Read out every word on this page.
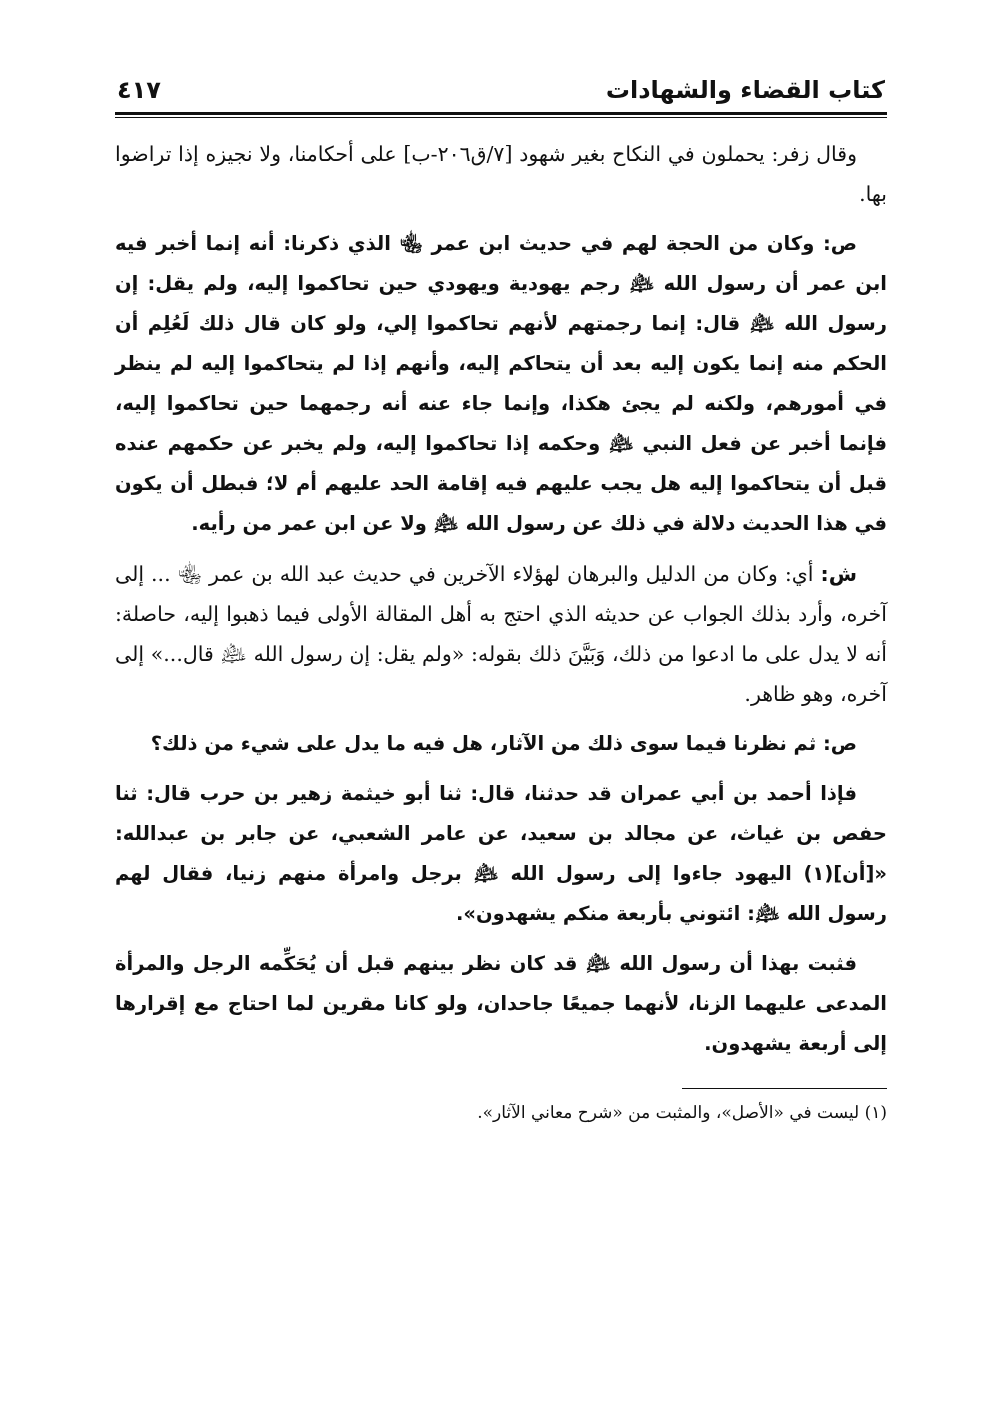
كتاب القضاء والشهادات
٤١٧

وقال زفر: يحملون في النكاح بغير شهود [٧/ق٢٠٦-ب] على أحكامنا، ولا نجيزه إذا تراضوا بها.

ص: وكان من الحجة لهم في حديث ابن عمر ﵄ الذي ذكرنا: أنه إنما أخبر فيه ابن عمر أن رسول الله ﵇ رجم يهودية ويهودي حين تحاكموا إليه، ولم يقل: إن رسول الله ﵇ قال: إنما رجمتهم لأنهم تحاكموا إلي، ولو كان قال ذلك لَعُلِم أن الحكم منه إنما يكون إليه بعد أن يتحاكم إليه، وأنهم إذا لم يتحاكموا إليه لم ينظر في أمورهم، ولكنه لم يجئ هكذا، وإنما جاء عنه أنه رجمهما حين تحاكموا إليه، فإنما أخبر عن فعل النبي ﵇ وحكمه إذا تحاكموا إليه، ولم يخبر عن حكمهم عنده قبل أن يتحاكموا إليه هل يجب عليهم فيه إقامة الحد عليهم أم لا؛ فبطل أن يكون في هذا الحديث دلالة في ذلك عن رسول الله ﵇ ولا عن ابن عمر من رأيه.

ش: أي: وكان من الدليل والبرهان لهؤلاء الآخرين في حديث عبد الله بن عمر ﵄ ... إلى آخره، وأرد بذلك الجواب عن حديثه الذي احتج به أهل المقالة الأولى فيما ذهبوا إليه، حاصلة: أنه لا يدل على ما ادعوا من ذلك، وَبَيَّنَ ذلك بقوله: «ولم يقل: إن رسول الله ﵇ قال...» إلى آخره، وهو ظاهر.

ص: ثم نظرنا فيما سوى ذلك من الآثار، هل فيه ما يدل على شيء من ذلك؟

فإذا أحمد بن أبي عمران قد حدثنا، قال: ثنا أبو خيثمة زهير بن حرب قال: ثنا حفص بن غياث، عن مجالد بن سعيد، عن عامر الشعبي، عن جابر بن عبدالله: «[أن](١) اليهود جاءوا إلى رسول الله ﵇ برجل وامرأة منهم زنيا، فقال لهم رسول الله ﵇: ائتوني بأربعة منكم يشهدون».

فثبت بهذا أن رسول الله ﵇ قد كان نظر بينهم قبل أن يُحَكِّمه الرجل والمرأة المدعى عليهما الزنا، لأنهما جميعًا جاحدان، ولو كانا مقرين لما احتاج مع إقرارها إلى أربعة يشهدون.

(١) ليست في «الأصل»، والمثبت من «شرح معاني الآثار».
